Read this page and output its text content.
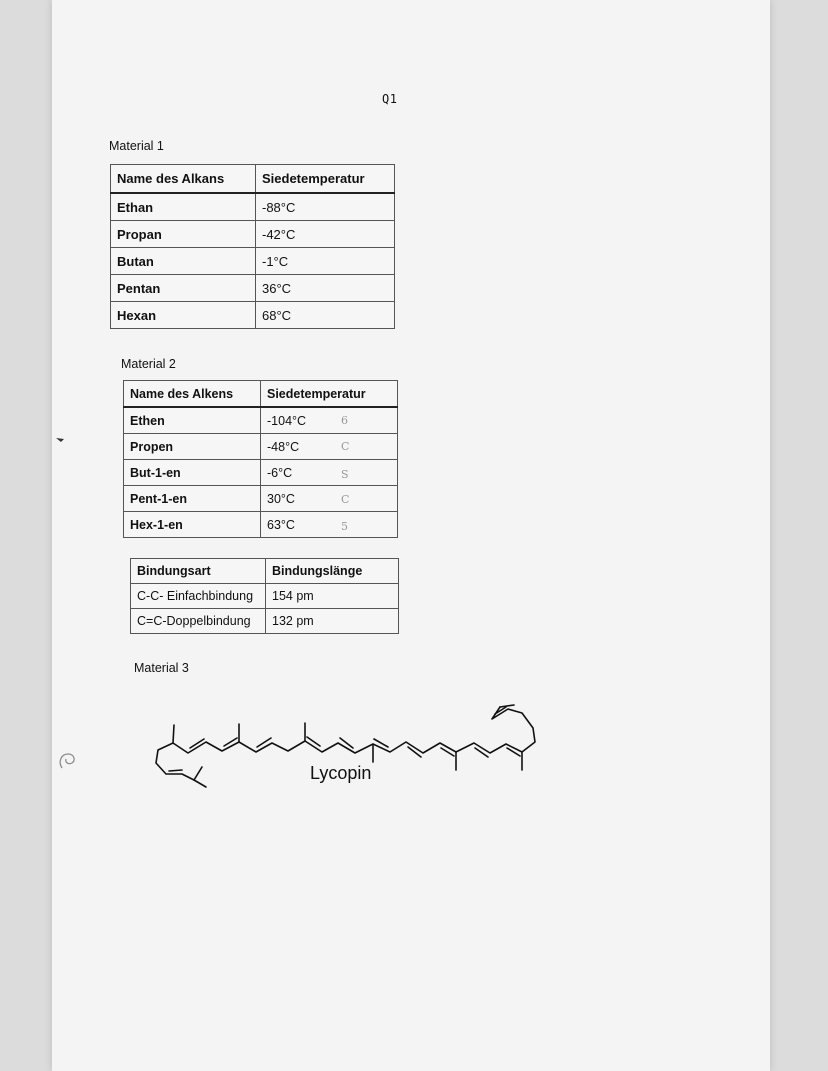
Q1
Material 1
Name des Alkans	Siedetemperatur
Ethan	-88°C
Propan	-42°C
Butan	-1°C
Pentan	36°C
Hexan	68°C
Material 2
Name des Alkens	Siedetemperatur
Ethen	-104°C 6

Propen	-48°C C

But-1-en	-6°C S

Pent-1-en	30°C C

Hex-1-en	63°C 5
Bindungsart	Bindungslänge
C-C- Einfachbindung	154 pm
C=C-Doppelbindung	132 pm
Material 3
Lycopin
